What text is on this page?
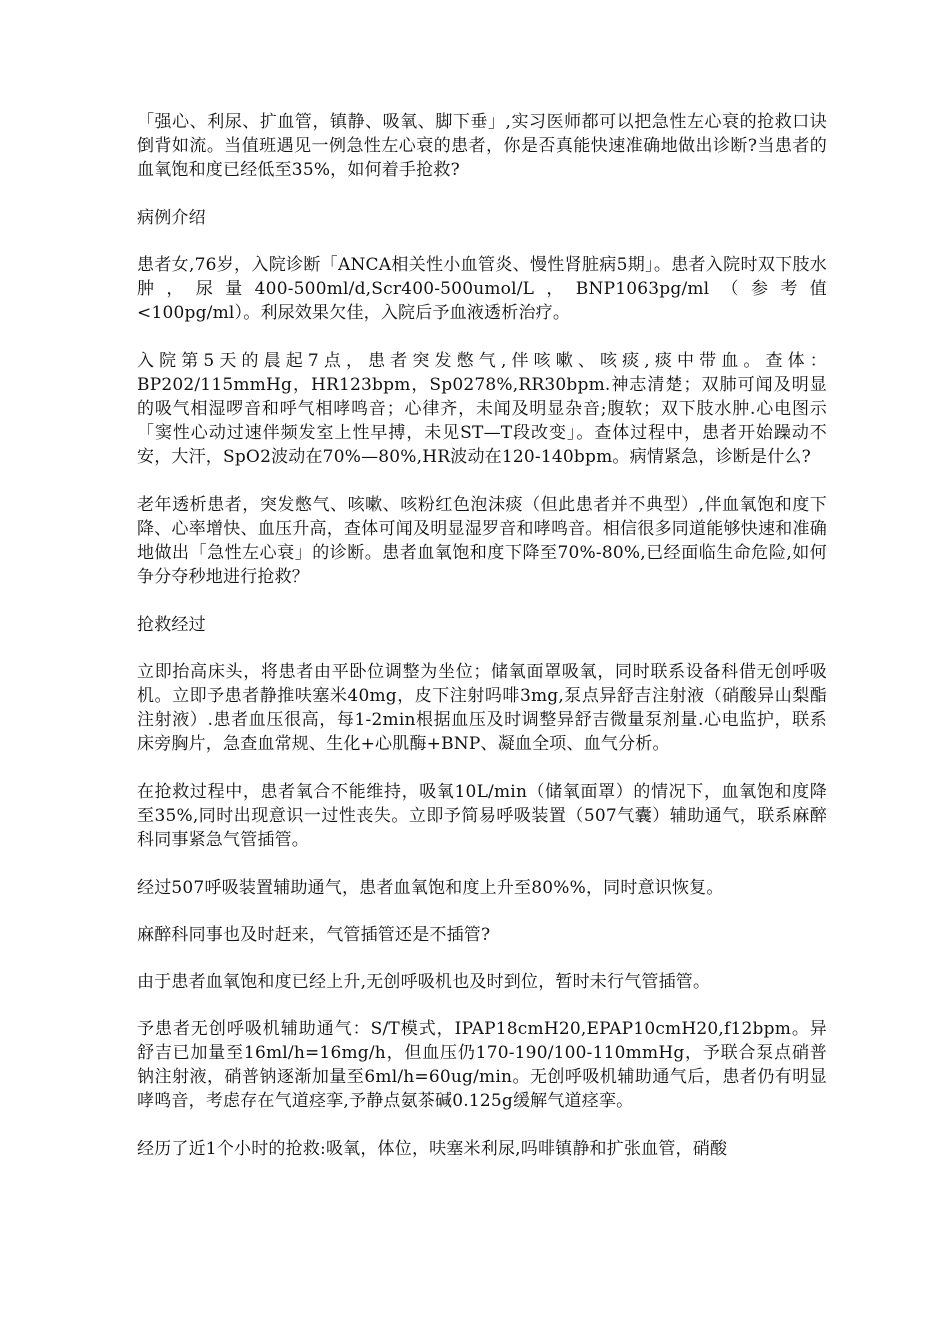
「强心、利尿、扩血管，镇静、吸氧、脚下垂」,实习医师都可以把急性左心衰的抢救口诀倒背如流。当值班遇见一例急性左心衰的患者，你是否真能快速准确地做出诊断?当患者的血氧饱和度已经低至35%，如何着手抢救?

病例介绍

患者女,76岁，入院诊断「ANCA相关性小血管炎、慢性肾脏病5期」。患者入院时双下肢水肿，尿量400-500ml/d,Scr400-500umol/L，BNP1063pg/ml（参考值<100pg/ml）。利尿效果欠佳，入院后予血液透析治疗。

入院第5天的晨起7点，患者突发憋气,伴咳嗽、咳痰,痰中带血。查体：BP202/115mmHg，HR123bpm，Sp0278%,RR30bpm.神志清楚；双肺可闻及明显的吸气相湿啰音和呼气相哮鸣音；心律齐，未闻及明显杂音;腹软；双下肢水肿.心电图示「窦性心动过速伴频发室上性早搏，未见ST—T段改变」。查体过程中，患者开始躁动不安，大汗，SpO2波动在70%—80%,HR波动在120-140bpm。病情紧急，诊断是什么?

老年透析患者，突发憋气、咳嗽、咳粉红色泡沫痰（但此患者并不典型）,伴血氧饱和度下降、心率增快、血压升高，查体可闻及明显湿罗音和哮鸣音。相信很多同道能够快速和准确地做出「急性左心衰」的诊断。患者血氧饱和度下降至70%-80%,已经面临生命危险,如何争分夺秒地进行抢救？

抢救经过

立即抬高床头，将患者由平卧位调整为坐位；储氧面罩吸氧，同时联系设备科借无创呼吸机。立即予患者静推呋塞米40mg，皮下注射吗啡3mg,泵点异舒吉注射液（硝酸异山梨酯注射液）.患者血压很高，每1-2min根据血压及时调整异舒吉微量泵剂量.心电监护，联系床旁胸片，急查血常规、生化+心肌酶+BNP、凝血全项、血气分析。

在抢救过程中，患者氧合不能维持，吸氧10L/min（储氧面罩）的情况下，血氧饱和度降至35%,同时出现意识一过性丧失。立即予简易呼吸装置（507气囊）辅助通气，联系麻醉科同事紧急气管插管。

经过507呼吸装置辅助通气，患者血氧饱和度上升至80%%，同时意识恢复。

麻醉科同事也及时赶来，气管插管还是不插管?

由于患者血氧饱和度已经上升,无创呼吸机也及时到位，暂时未行气管插管。

予患者无创呼吸机辅助通气：S/T模式，IPAP18cmH20,EPAP10cmH20,f12bpm。异舒吉已加量至16ml/h=16mg/h，但血压仍170-190/100-110mmHg，予联合泵点硝普钠注射液，硝普钠逐渐加量至6ml/h=60ug/min。无创呼吸机辅助通气后，患者仍有明显哮鸣音，考虑存在气道痉挛,予静点氨茶碱0.125g缓解气道痉挛。

经历了近1个小时的抢救:吸氧，体位，呋塞米利尿,吗啡镇静和扩张血管，硝酸
